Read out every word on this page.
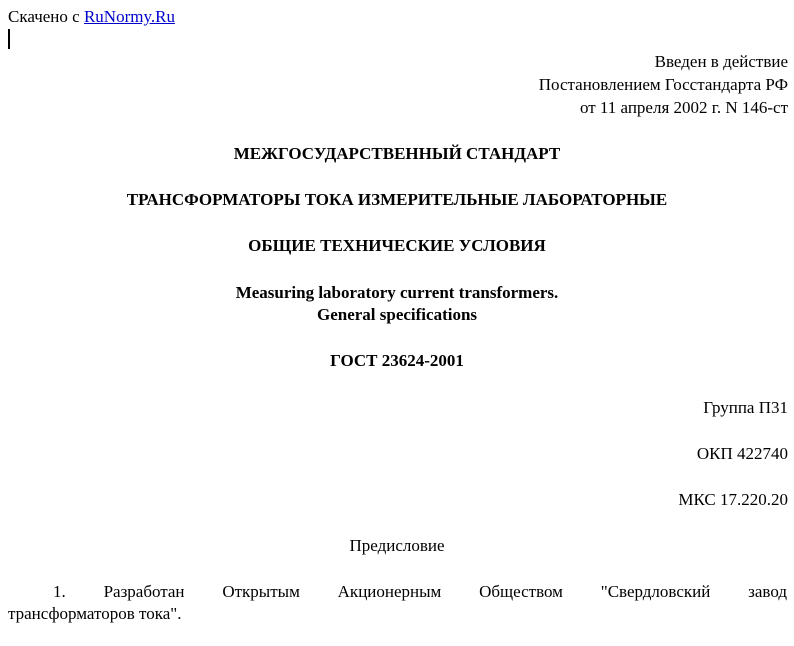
Скачено с RuNormy.Ru
Введен в действие
Постановлением Госстандарта РФ
от 11 апреля 2002 г. N 146-ст
МЕЖГОСУДАРСТВЕННЫЙ СТАНДАРТ
ТРАНСФОРМАТОРЫ ТОКА ИЗМЕРИТЕЛЬНЫЕ ЛАБОРАТОРНЫЕ
ОБЩИЕ ТЕХНИЧЕСКИЕ УСЛОВИЯ
Measuring laboratory current transformers.
General specifications
ГОСТ 23624-2001
Группа П31
ОКП 422740
МКС 17.220.20
Предисловие
1. Разработан Открытым Акционерным Обществом "Свердловский завод
трансформаторов тока".
